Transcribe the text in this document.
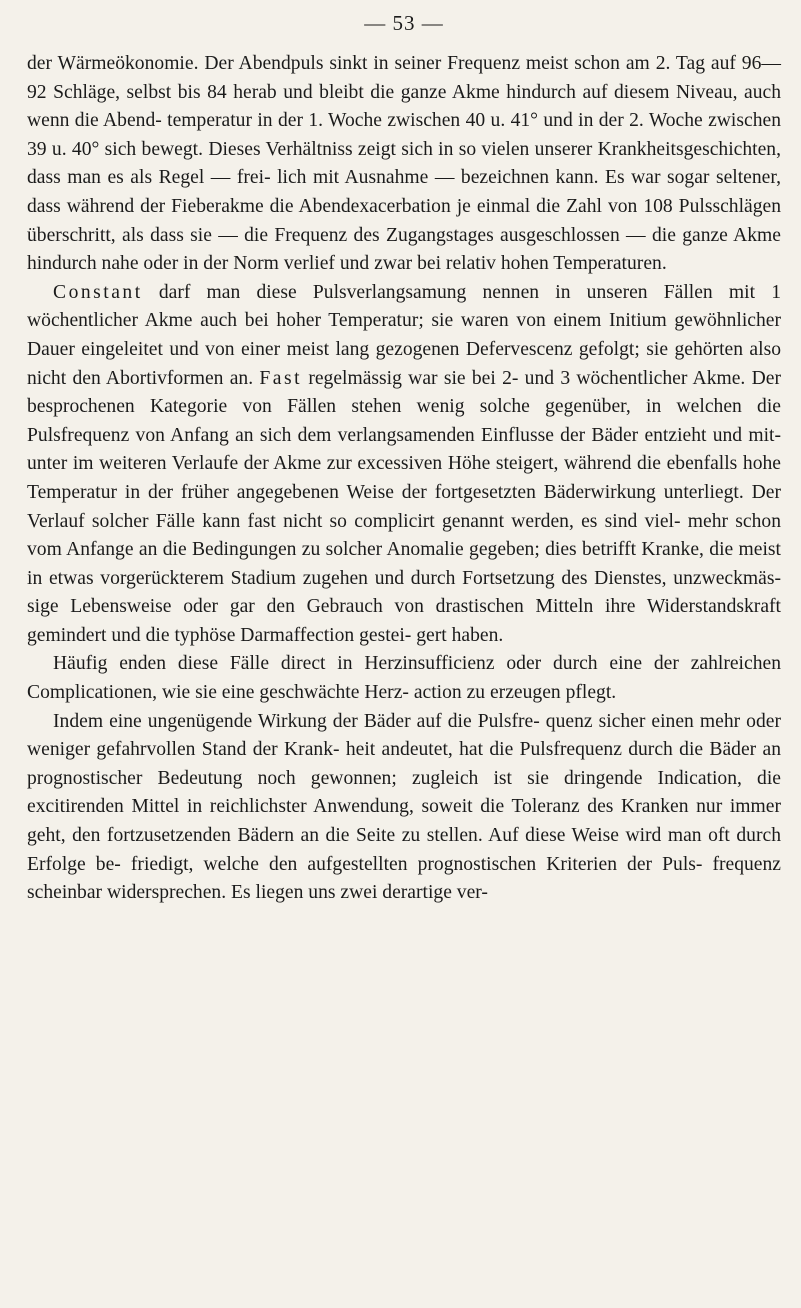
— 53 —

der Wärmeökonomie. Der Abendpuls sinkt in seiner Frequenz meist schon am 2. Tag auf 96—92 Schläge, selbst bis 84 herab und bleibt die ganze Akme hindurch auf diesem Niveau, auch wenn die Abend- temperatur in der 1. Woche zwischen 40 u. 41° und in der 2. Woche zwischen 39 u. 40° sich bewegt. Dieses Verhältniss zeigt sich in so vielen unserer Krankheitsgeschichten, dass man es als Regel — frei- lich mit Ausnahme — bezeichnen kann. Es war sogar seltener, dass während der Fieberakme die Abendexacerbation je einmal die Zahl von 108 Pulsschlägen überschritt, als dass sie — die Frequenz des Zugangstages ausgeschlossen — die ganze Akme hindurch nahe oder in der Norm verlief und zwar bei relativ hohen Temperaturen.

Constant darf man diese Pulsverlangsamung nennen in unseren Fällen mit 1 wöchentlicher Akme auch bei hoher Temperatur; sie waren von einem Initium gewöhnlicher Dauer eingeleitet und von einer meist lang gezogenen Defervescenz gefolgt; sie gehörten also nicht den Abortivformen an. Fast regelmässig war sie bei 2- und 3 wöchentlicher Akme. Der besprochenen Kategorie von Fällen stehen wenig solche gegenüber, in welchen die Pulsfrequenz von Anfang an sich dem verlangsamenden Einflusse der Bäder entzieht und mit- unter im weiteren Verlaufe der Akme zur excessiven Höhe steigert, während die ebenfalls hohe Temperatur in der früher angegebenen Weise der fortgesetzten Bäderwirkung unterliegt. Der Verlauf solcher Fälle kann fast nicht so complicirt genannt werden, es sind viel- mehr schon vom Anfange an die Bedingungen zu solcher Anomalie gegeben; dies betrifft Kranke, die meist in etwas vorgerückterem Stadium zugehen und durch Fortsetzung des Dienstes, unzweckmäs- sige Lebensweise oder gar den Gebrauch von drastischen Mitteln ihre Widerstandskraft gemindert und die typhöse Darmaffection gestei- gert haben.

Häufig enden diese Fälle direct in Herzinsufficienz oder durch eine der zahlreichen Complicationen, wie sie eine geschwächte Herz- action zu erzeugen pflegt.

Indem eine ungenügende Wirkung der Bäder auf die Pulsfre- quenz sicher einen mehr oder weniger gefahrvollen Stand der Krank- heit andeutet, hat die Pulsfrequenz durch die Bäder an prognostischer Bedeutung noch gewonnen; zugleich ist sie dringende Indication, die excitirenden Mittel in reichlichster Anwendung, soweit die Toleranz des Kranken nur immer geht, den fortzusetzenden Bädern an die Seite zu stellen. Auf diese Weise wird man oft durch Erfolge be- friedigt, welche den aufgestellten prognostischen Kriterien der Puls- frequenz scheinbar widersprechen. Es liegen uns zwei derartige ver-
